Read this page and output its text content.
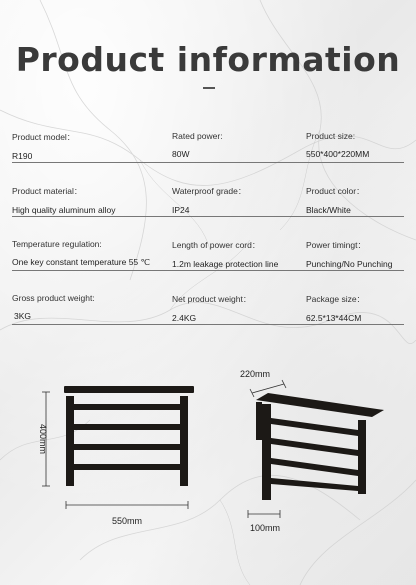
Product information
Product model：
R190
Rated power:
80W
Product size:
550*400*220MM
Product material：
High quality aluminum alloy
Waterproof grade：
IP24
Product color：
Black/White
Temperature regulation:
One key constant temperature 55 ℃
Length of power cord：
1.2m leakage protection line
Power timingt：
Punching/No Punching
Gross product weight:
3KG
Net product weight：
2.4KG
Package size：
62.5*13*44CM
400mm
550mm
220mm
100mm
